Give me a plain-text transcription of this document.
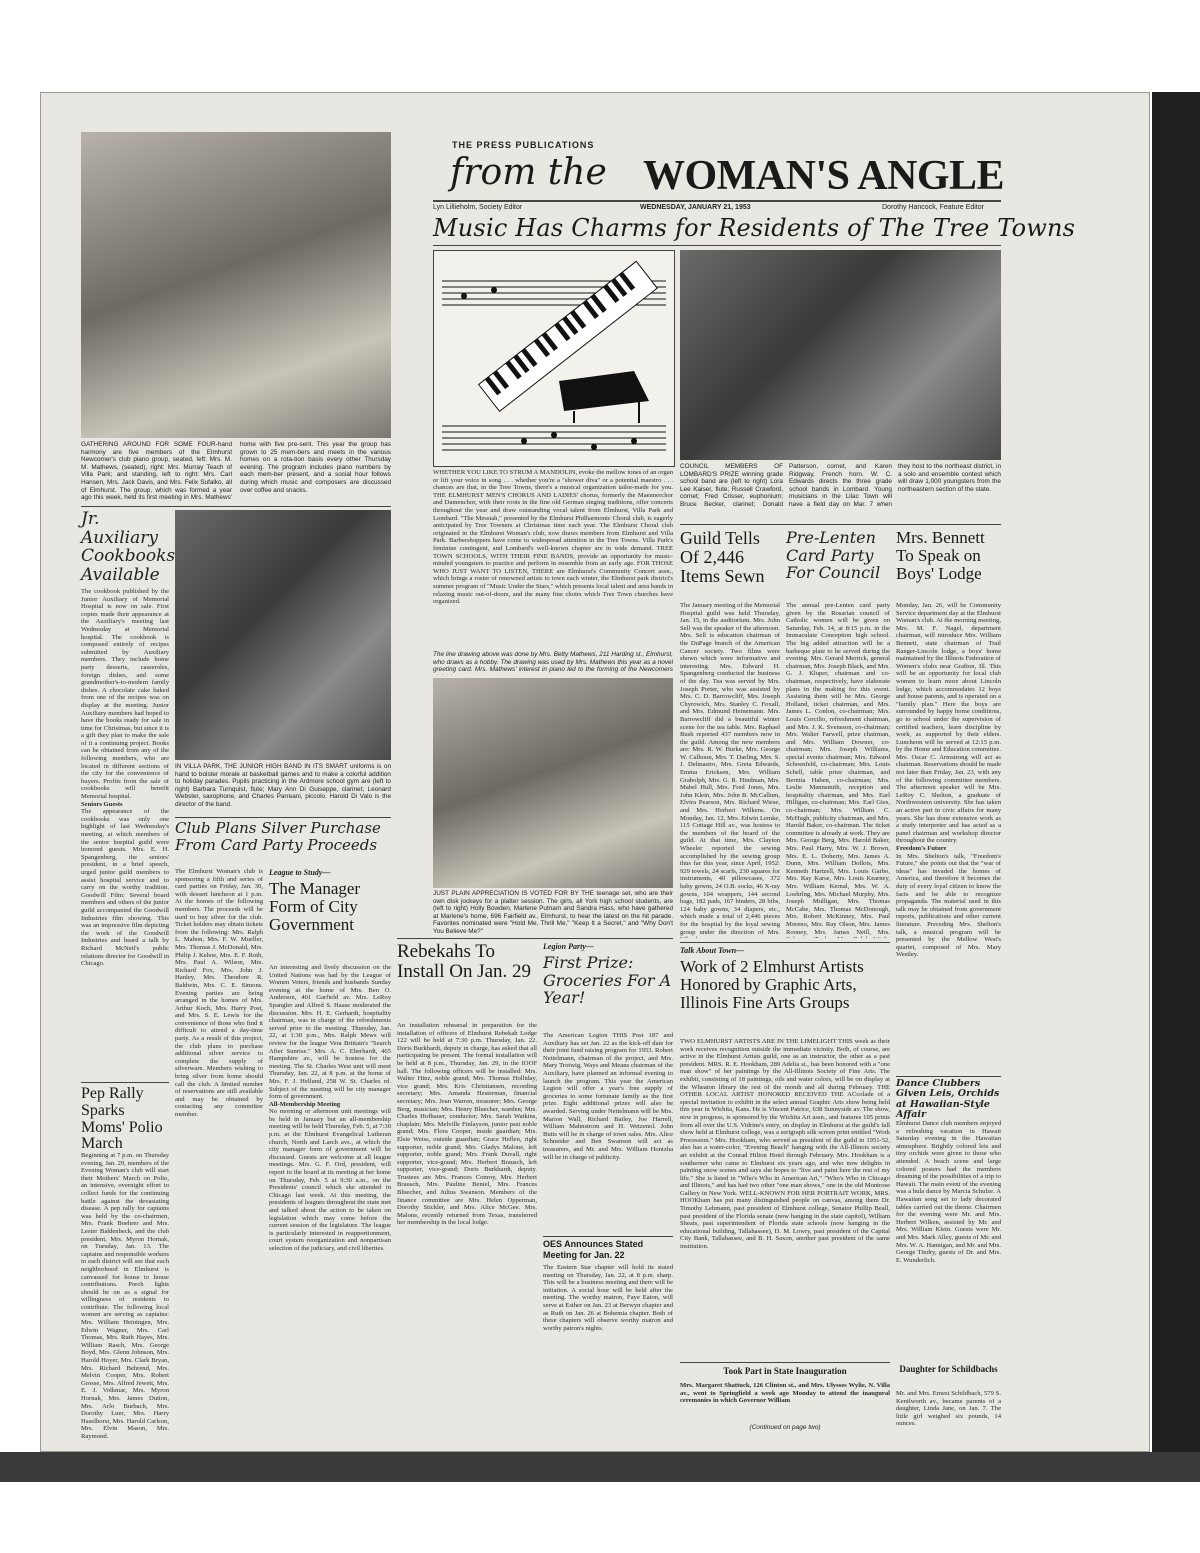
GATHERING AROUND FOR SOME FOUR-hand harmony are five members of the Elmhurst Newcomer's club piano group, seated, left: Mrs. M. M. Mathews, (seated), right: Mrs. Murray Teach of Villa Park; and standing, left to right: Mrs. Carl Hansen, Mrs. Jack Davis, and Mrs. Felix Sufalko, all of Elmhurst. The group, which was formed a year ago this week, held its first meeting in Mrs. Mathews' home with five pre-sent. This year the group has grown to 25 mem-bers and meets in the various homes on a rota-tion basis every other Thursday evening. The program includes piano numbers by each mem-ber present, and a social hour follows during which music and composers are discussed over coffee and snacks.
THE PRESS PUBLICATIONS
from the WOMAN'S ANGLE
Lyn Lillieholm, Society Editor	WEDNESDAY, JANUARY 21, 1953	Dorothy Hancock, Feature Editor
Music Has Charms for Residents of The Tree Towns
COUNCIL MEMBERS OF LOMBARD'S PRIZE winning grade school band are (left to right) Lora Lee Kaiser, flute; Russell Crawford, cornet; Fred Crisser, euphonium; Bruce Becker, clarinet; Donald Patterson, cornet, and Karen Ridgway, French horn. W. C. Edwards directs the three grade school bands in Lombard. Young musicians in the Lilac Town will have a field day on Mar. 7 when they host to the northeast district, in a solo and ensemble contest which will draw 1,000 youngsters from the northeastern section of the state.
WHETHER YOU LIKE TO STRUM A MANDOLIN, evoke the mellow tones of an organ or lift your voice in song . . . whether you're a "shower diva" or a potential maestro . . . chances are that, in the Tree Towns, there's a musical organization tailor-made for you. THE ELMHURST MEN'S CHORUS AND LADIES' chorus, formerly the Maennerchor and Damenchor, with their roots in the fine old German singing traditions, offer concerts throughout the year and draw outstanding vocal talent from Elmhurst, Villa Park and Lombard. "The Messiah," presented by the Elmhurst Philharmonic Choral club, is eagerly anticipated by Tree Towners at Christmas time each year. The Elmhurst Choral club originated in the Elmhurst Woman's club, now draws members from Elmhurst and Villa Park. Barbershoppers have come to widespread attention in the Tree Towns. Villa Park's feminine contingent, and Lombard's well-known chapter are in wide demand. TREE TOWN SCHOOLS, WITH THEIR FINE BANDS, provide an opportunity for music-minded youngsters to practice and perform in ensemble from an early age. FOR THOSE WHO JUST WANT TO LISTEN, THERE are Elmhurst's Community Concert assn., which brings a roster of renowned artists to town each winter, the Elmhurst park district's summer program of "Music Under the Stars," which presents local talent and area bands in relaxing music out-of-doors, and the many fine choirs which Tree Town churches have organized.
The line drawing above was done by Mrs. Betty Mathews, 211 Harding st., Elmhurst, who draws as a hobby. The drawing was used by Mrs. Mathews this year as a novel greeting card. Mrs. Mathews' interest in piano led to the forming of the Newcomers
JUST PLAIN APPRECIATION IS VOTED FOR BY THE teenage set, who are their own disk jockeys for a platter session. The girls, all York high school students, are (left to right) Holly Bowden, Marlene Putnam and Sandra Hass, who have gathered at Marlene's home, 696 Fairfield av., Elmhurst, to hear the latest on the hit parade. Favorites nominated were "Hold Me, Thrill Me," "Keep It a Secret," and "Why Don't You Believe Me?"
Jr. Auxiliary Cookbooks Available
The cookbook published by the Junior Auxiliary of Memorial Hospital is now on sale. First copies made their appearance at the Auxiliary's meeting last Wednesday at Memorial hospital. The cookbook is composed entirely of recipes submitted by Auxiliary members. They include home party desserts, casseroles, foreign dishes, and some grandmother's-to-modern family dishes. A chocolate cake baked from one of the recipes was on display at the meeting. Junior Auxiliary members had hoped to have the books ready for sale in time for Christmas, but since it is a gift they plan to make the sale of it a continuing project. Books can be obtained from any of the following members, who are located in different sections of the city for the convenience of buyers. Profits from the sale of cookbooks will benefit Memorial hospital.
Seniors Guests
The appearance of the cookbooks was only one highlight of last Wednesday's meeting, at which members of the senior hospital guild were honored guests. Mrs. E. H. Spangenberg, the seniors' president, in a brief speech, urged junior guild members to assist hospital service and to carry on the worthy tradition. Goodwill Film: Several board members and others of the junior guild accompanied the Goodwill Industries film showing. This was an impressive film depicting the work of the Goodwill Industries and heard a talk by Richard McNeil's public relations director for Goodwill in Chicago.
IN VILLA PARK, THE JUNIOR HIGH BAND IN ITS SMART uniforms is on hand to bolster morale at basketball games and to make a colorful addition to holiday parades. Pupils practicing in the Ardmore school gym are (left to right) Barbara Turnquist, flute; Mary Ann Di Guiseppe, clarinet; Leonard Webster, saxophone, and Charles Parreani, piccolo. Harold Di Valo is the director of the band.
Club Plans Silver Purchase From Card Party Proceeds
The Elmhurst Woman's club is sponsoring a fifth and series of card parties on Friday, Jan. 30, with dessert luncheon at 1 p.m. At the homes of the following members. The proceeds will be used to buy silver for the club. Ticket holders may obtain tickets from the following: Mrs. Ralph L. Mahon, Mrs. F. W. Mueller, Mrs. Thomas J. McDonald, Mrs. Philip J. Kehoe, Mrs. E. F. Roth, Mrs. Paul A. Wilson, Mrs. Richard Fox, Mrs. John J. Hanley, Mrs. Theodore R. Baldwin, Mrs. C. E. Simons. Evening parties are being arranged in the homes of Mrs. Arthur Koch, Mrs. Harry Post, and Mrs. S. E. Lewis for the convenience of those who find it difficult to attend a day-time party. As a result of this project, the club plans to purchase additional silver service to complete the supply of silverware. Members wishing to bring silver from home should call the club. A limited number of reservations are still available and may be obtained by contacting any committee member.
Pep Rally Sparks Moms' Polio March
Beginning at 7 p.m. on Thursday evening, Jan. 29, members of the Evening Woman's club will start their Mothers' March on Polio, an intensive, overnight effort to collect funds for the continuing battle against the devastating disease. A pep rally for captains was held by the co-chairmen, Mrs. Frank Boehrer and Mrs. Lester Baldenbeck, and the club president, Mrs. Myron Hornak, on Tuesday, Jan. 13. The captains and responsible workers in each district will see that each neighborhood in Elmhurst is canvassed for house to house contributions. Porch lights should be on as a signal for willingness of residents to contribute. The following local women are serving as captains: Mrs. William Heiningen, Mrs. Edwin Wagner, Mrs. Carl Thomas, Mrs. Ruth Hayes, Mrs. William Rasch, Mrs. George Boyd, Mrs. Glenn Johnson, Mrs. Harold Hoyer, Mrs. Clark Bryan, Mrs. Richard Behrend, Mrs. Melvin Cooper, Mrs. Robert Grosse, Mrs. Alfred Jewett, Mrs. E. J. Volkmar, Mrs. Myron Hornak, Mrs. James Dutton, Mrs. Arlo Burbach, Mrs. Dorothy Luer, Mrs. Harry Haselhorst, Mrs. Harold Carlson, Mrs. Elvin Mason, Mrs. Raymond.
League to Study—
The Manager Form of City Government
An interesting and lively discussion on the United Nations was had by the League of Women Voters, friends and husbands Sunday evening at the home of Mrs. Ben O. Anderson, 401 Garfield av. Mrs. LeRoy Spangler and Alfred S. Haase moderated the discussion. Mrs. H. E. Gerhardt, hospitality chairman, was in charge of the refreshments served prior to the meeting. Thursday, Jan. 22, at 1:30 p.m., Mrs. Ralph Mews will review for the league Vera Brittain's "Search After Sunrise." Mrs. A. C. Eberhardt, 465 Hampshire av., will be hostess for the meeting. The St. Charles West unit will meet Thursday, Jan. 22, at 8 p.m. at the home of Mrs. F. J. Hellund, 258 W. St. Charles rd. Subject of the meeting will be city manager form of government.
All-Membership Meeting
No morning or afternoon unit meetings will be held in January but an all-membership meeting will be held Thursday, Feb. 5, at 7:30 p.m. at the Elmhurst Evangelical Lutheran church, North and Larch avs., at which the city manager form of government will be discussed. Guests are welcome at all league meetings. Mrs. G. F. Ord, president, will report to the board at its meeting at her home on Thursday, Feb. 5 at 9:30 a.m., on the Presidents' council which she attended in Chicago last week. At this meeting, the presidents of leagues throughout the state met and talked about the action to be taken on legislation which may come before the current session of the legislature. The league is particularly interested in reapportionment, court system reorganization and nonpartisan selection of the judiciary, and civil liberties.
Rebekahs To Install On Jan. 29
An installation rehearsal in preparation for the installation of officers of Elmhurst Rebekah Lodge 122 will be held at 7:30 p.m. Thursday, Jan. 22. Doris Burkhardt, deputy in charge, has asked that all participating be present. The formal installation will be held at 8 p.m., Thursday, Jan. 29, in the IOOF hall. The following officers will be installed: Mrs. Walter Hinz, noble grand; Mrs. Thomas Holliday, vice grand; Mrs. Kris Christiansen, recording secretary; Mrs. Amanda Hesterman, financial secretary; Mrs. Jean Warren, treasurer; Mrs. George Berg, musician; Mrs. Henry Bluecher, warden; Mrs. Charles Hofhauer, conductor; Mrs. Sarah Watkins, chaplain; Mrs. Melville Finlayson, junior past noble grand; Mrs. Flora Cooper, inside guardian; Mrs. Elsie Weiss, outside guardian; Grace Heflen, right supporter, noble grand; Mrs. Gladys Malone, left supporter, noble grand; Mrs. Frank Duvall, right supporter, vice-grand; Mrs. Herbert Brausch, left supporter, vice-grand; Doris Burkhardt, deputy. Trustees are Mrs. Frances Conroy, Mrs. Herbert Brausch, Mrs. Pauline Beniel, Mrs. Frances Bluecher, and Julius Swanson. Members of the finance committee are Mrs. Helen Opperman, Dorothy Stickler, and Mrs. Alice McGee. Mrs. Malone, recently returned from Texas, transferred her membership in the local lodge.
Legion Party—
First Prize: Groceries For A Year!
The American Legion THIS Post 187 and Auxiliary has set Jan. 22 as the kick-off date for their joint fund raising program for 1953. Robert Nettelmann, chairman of the project, and Mrs. Mary Trotwig, Ways and Means chairman of the Auxiliary, have planned an informal evening to launch the program. This year the American Legion will offer a year's free supply of groceries to some fortunate family as the first prize. Eight additional prizes will also be awarded. Serving under Nettelmann will be Mrs. Marion Wall, Richard Bailey, Joe Harrell, William Mahnstrom and H. Wetzenol. John Butts will be in charge of town sales. Mrs. Alice Schneider and Ben Swanson will act as treasurers, and Mr. and Mrs. William Hontzha will be in charge of publicity.
OES Announces Stated Meeting for Jan. 22
The Eastern Star chapter will hold its stated meeting on Thursday, Jan. 22, at 8 p.m. sharp. This will be a business meeting and there will be initiation. A social hour will be held after the meeting. The worthy matron, Faye Eaton, will serve at Esther on Jan. 23 at Berwyn chapter and as Ruth on Jan. 26 at Bohemia chapter. Both of these chapters will observe worthy matron and worthy patron's nights.
Guild Tells Of 2,446 Items Sewn
The January meeting of the Memorial Hospital guild was held Thursday, Jan. 15, in the auditorium. Mrs. John Sell was the speaker of the afternoon. Mrs. Sell is education chairman of the DuPage branch of the American Cancer society. Two films were shown which were informative and interesting. Mrs. Edward H. Spangenberg conducted the business of the day. Tea was served by Mrs. Joseph Porter, who was assisted by Mrs. C. D. Barrowcliff, Mrs. Joseph Chyrowich, Mrs. Stanley C. Foxall, and Mrs. Edmund Heinemann. Mrs. Barrowcliff did a beautiful winter scene for the tea table. Mrs. Raphael Bush reported 437 members now in the guild. Among the new members are: Mrs. R. W. Burke, Mrs. George W. Calhoun, Mrs. T. Darling, Mrs. S. J. Delmastro, Mrs. Greta Edwards, Emma Ericksen, Mrs. William Grabolph, Mrs. G. R. Hindman, Mrs. Mabel Hull, Mrs. Fred Jones, Mrs. John Klein, Mrs. John B. McCallum, Elvira Pearson, Mrs. Richard Wiese, and Mrs. Herbert Wilkens. On Monday, Jan. 12, Mrs. Edwin Lemke, 115 Cottage Hill av., was hostess to the members of the board of the guild. At that time, Mrs. Clayton Wheeler reported the sewing accomplished by the sewing group thus far this year, since April, 1952: 929 towels, 24 scarfs, 230 squares for instruments, 40 pillowcases, 372 baby gowns, 24 O.B. socks, 46 X-ray gowns, 104 wrappers, 144 second bags, 182 pads, 167 binders, 28 bibs, 124 baby gowns, 34 diapers, etc., which made a total of 2,446 pieces for the hospital by the loyal sewing group under the direction of Mrs.
Pre-Lenten Card Party For Council
The annual pre-Lenten card party given by the Rosarian council of Catholic women will be given on Saturday, Feb. 14, at 8:15 p.m. in the Immaculate Conception high school. The big added attraction will be a barbeque plate to be served during the evening. Mrs. Gerard Merrick, general chairman, Mrs. Joseph Black, and Mrs. G. J. Kluper, chairman and co-chairman, respectively, have elaborate plans in the making for this event. Assisting them will be Mrs. George Holland, ticket chairman, and Mrs. James L. Conlon, co-chairman; Mrs. Louis Corcilio, refreshment chairman, and Mrs. J. K. Svensson, co-chairman; Mrs. Walter Farwell, prize chairman, and Mrs. William Downer, co-chairman; Mrs. Joseph Williams, special events chairman; Mrs. Edward Schoenfeld, co-chairman; Mrs. Louis Schell, table prize chairman, and Bernita Haben, co-chairman; Mrs. Leslie Mannsmith, reception and hospitality chairman, and Mrs. Earl Hilligan, co-chairman; Mrs. Earl Gies, co-chairman; Mrs. William C. McHugh, publicity chairman, and Mrs. Harold Baker, co-chairman. The ticket committee is already at work. They are Mrs. George Berg, Mrs. Harold Baker, Mrs. Paul Harry, Mrs. W. J. Brown, Mrs. E. L. Doherty, Mrs. James A. Dunn, Mrs. William Dollois, Mrs. Kenneth Hartzell, Mrs. Louis Garbo, Mrs. Ray Karse, Mrs. Louis Kearney, Mrs. William Kernal, Mrs. W. A. Loehrlng, Mrs. Michael Murphy, Mrs. Joseph Mulligan, Mrs. Thomas McCabe, Mrs. Thomas McDonough, Mrs. Robert McKinney, Mrs. Paul Moreno, Mrs. Ray Olson, Mrs. James Rooney, Mrs. James Neill, Mrs.
Mrs. Bennett To Speak on Boys' Lodge
Monday, Jan. 26, will be Community Service department day at the Elmhurst Woman's club. At the morning meeting, Mrs. M. F. Nagel, department chairman, will introduce Mrs. William Bennett, state chairman of Trail Ranger-Lincoln lodge, a boys' home maintained by the Illinois Federation of Women's clubs near Grafton, Ill. This will be an opportunity for local club women to learn more about Lincoln lodge, which accommodates 12 boys and house parents, and is operated on a "family plan." Here the boys are surrounded by happy home conditions, go to school under the supervision of certified teachers, learn discipline by work, as supported by their elders. Luncheon will be served at 12:15 p.m. by the Home and Education committee. Mrs. Oscar C. Armstrong will act as chairman. Reservations should be made not later than Friday, Jan. 23, with any of the following committee members. The afternoon speaker will be Mrs. LeRoy C. Shelton, a graduate of Northwestern university. She has taken an active part in civic affairs for many years. She has done extensive work as a study interpreter and has acted as a panel chairman and workshop director throughout the country.
Freedom's Future
In Mrs. Shelton's talk, "Freedom's Future," she points out that the "war of ideas" has invaded the homes of America, and therefore it becomes the duty of every loyal citizen to know the facts and be able to recognize propaganda. The material used in this talk may be obtained from government reports, publications and other current literature. Preceding Mrs. Shelton's talk, a musical program will be presented by the Mellow West's quartet, composed of Mrs. Mary Westley.
Dance Clubbers Given Leis, Orchids at Hawaiian-Style Affair
Elmhurst Dance club members enjoyed a refreshing vacation in Hawaii Saturday evening in the Hawaiian atmosphere. Brightly colored leis and tiny orchids were given to those who attended. A beach scene and large colored posters had the members dreaming of the possibilities of a trip to Hawaii. The main event of the evening was a hula dance by Marcia Schulze. A Hawaiian song set to lady decorated tables carried out the theme. Chairmen for the evening were Mr. and Mrs. Herbert Wilken, assisted by Mr. and Mrs. William Klein. Guests were Mr. and Mrs. Mark Alley, guests of Mr. and Mrs. W. A. Hannigan, and Mr. and Mrs. George Tindry, guests of Dr. and Mrs. E. Wunderlich.
Daughter for Schildbachs
Mr. and Mrs. Ernest Schildbach, 579 S. Kenilworth av., became parents of a daughter, Linda Jane, on Jan. 7. The little girl weighed six pounds, 14 ounces.
Talk About Town—
Work of 2 Elmhurst Artists Honored by Graphic Arts, Illinois Fine Arts Groups
TWO ELMHURST ARTISTS ARE IN THE LIMELIGHT THIS week as their work receives recognition outside the immediate vicinity. Both, of course, are active in the Elmhurst Artists guild, one as an instructor, the other as a past president. MRS. R. E. Hookham, 289 Adelia st., has been honored with a "one man show" of her paintings by the All-Illinois Society of Fine Arts. The exhibit, consisting of 18 paintings, oils and water colors, will be on display at the Wheaton library the rest of the month and all during February. THE OTHER LOCAL ARTIST HONORED RECEIVED THE ACcolade of a special invitation to exhibit in the select annual Graphic Arts show being held this year in Wichita, Kans. He is Vincent Patrice, 638 Sunnyside av. The show, now in progress, is sponsored by the Wichita Art assn., and features 105 prints from all over the U.S. Vidrine's entry, on display in Elmhurst at the guild's fall show held at Elmhurst college, was a serigraph silk screen print entitled "Work Procession." Mrs. Hookham, who served as president of the guild in 1951-52, also has a water-color, "Evening Beach" hanging with the All-Illinois society art exhibit at the Conrad Hilton Hotel through February. Mrs. Hookham is a southerner who came to Elmhurst six years ago, and who now delights in painting snow scenes and says she hopes to "live and paint here the rest of my life." She is listed in "Who's Who in American Art," "Who's Who in Chicago and Illinois," and has had two other "one man shows," one in the old Montrose Gallery in New York. WELL-KNOWN FOR HER PORTRAIT WORK, MRS. HOOKham has put many distinguished people on canvas, among them Dr. Timothy Lehmann, past president of Elmhurst college, Senator Phillip Beall, past president of the Florida senate (now hanging in the state capitol), William Sheats, past superintendent of Florida state schools (now hanging in the educational building, Tallahassee), D. M. Lowry, past president of the Capital City Bank, Tallahassee, and B. H. Saxon, another past president of the same institution.
Took Part in State Inauguration
Mrs. Margaret Shattuck, 126 Clinton st., and Mrs. Ulysses Wylie, N. Villa av., went to Springfield a week ago Monday to attend the inaugural ceremonies in which Governor William
(Continued on page two)
